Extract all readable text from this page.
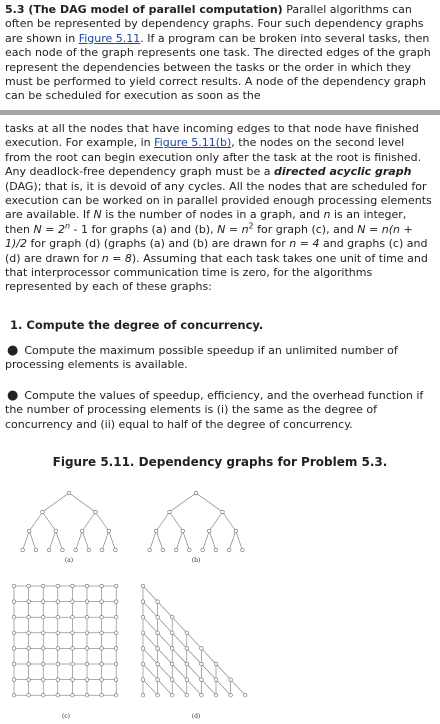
5.3 (The DAG model of parallel computation) Parallel algorithms can often be represented by dependency graphs. Four such dependency graphs are shown in Figure 5.11. If a program can be broken into several tasks, then each node of the graph represents one task. The directed edges of the graph represent the dependencies between the tasks or the order in which they must be performed to yield correct results. A node of the dependency graph can be scheduled for execution as soon as the

tasks at all the nodes that have incoming edges to that node have finished execution. For example, in Figure 5.11(b), the nodes on the second level from the root can begin execution only after the task at the root is finished. Any deadlock-free dependency graph must be a directed acyclic graph (DAG); that is, it is devoid of any cycles. All the nodes that are scheduled for execution can be worked on in parallel provided enough processing elements are available. If N is the number of nodes in a graph, and n is an integer, then $N = 2^n - 1$ for graphs (a) and (b), $N = n^2$ for graph (c), and N = n(n + 1)/2 for graph (d) (graphs (a) and (b) are drawn for n = 4 and graphs (c) and (d) are drawn for n = 8). Assuming that each task takes one unit of time and that interprocessor communication time is zero, for the algorithms represented by each of these graphs:

1. Compute the degree of concurrency.
● Compute the maximum possible speedup if an unlimited number of processing elements is available.
● Compute the values of speedup, efficiency, and the overhead function if the number of processing elements is (i) the same as the degree of concurrency and (ii) equal to half of the degree of concurrency.
Figure 5.11. Dependency graphs for Problem 5.3.
(a)	(b)
(c)	(d)
